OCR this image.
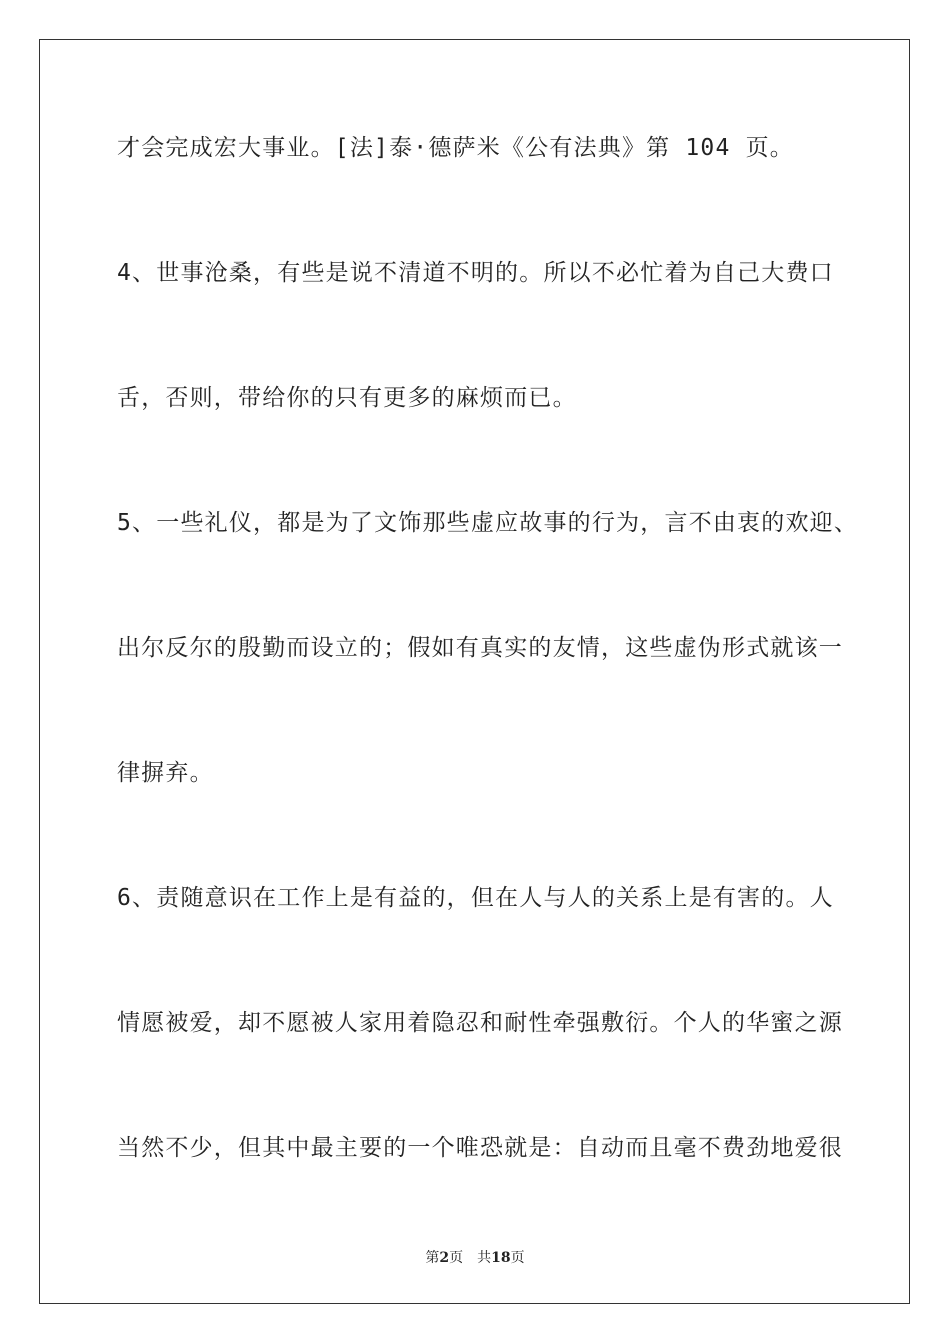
才会完成宏大事业。[法]泰·德萨米《公有法典》第 104 页。
4、世事沧桑，有些是说不清道不明的。所以不必忙着为自己大费口
舌，否则，带给你的只有更多的麻烦而已。
5、一些礼仪，都是为了文饰那些虚应故事的行为，言不由衷的欢迎、
出尔反尔的殷勤而设立的；假如有真实的友情，这些虚伪形式就该一
律摒弃。
6、责随意识在工作上是有益的，但在人与人的关系上是有害的。人
情愿被爱，却不愿被人家用着隐忍和耐性牵强敷衍。个人的华蜜之源
当然不少，但其中最主要的一个唯恐就是：自动而且毫不费劲地爱很
第2页 共18页
